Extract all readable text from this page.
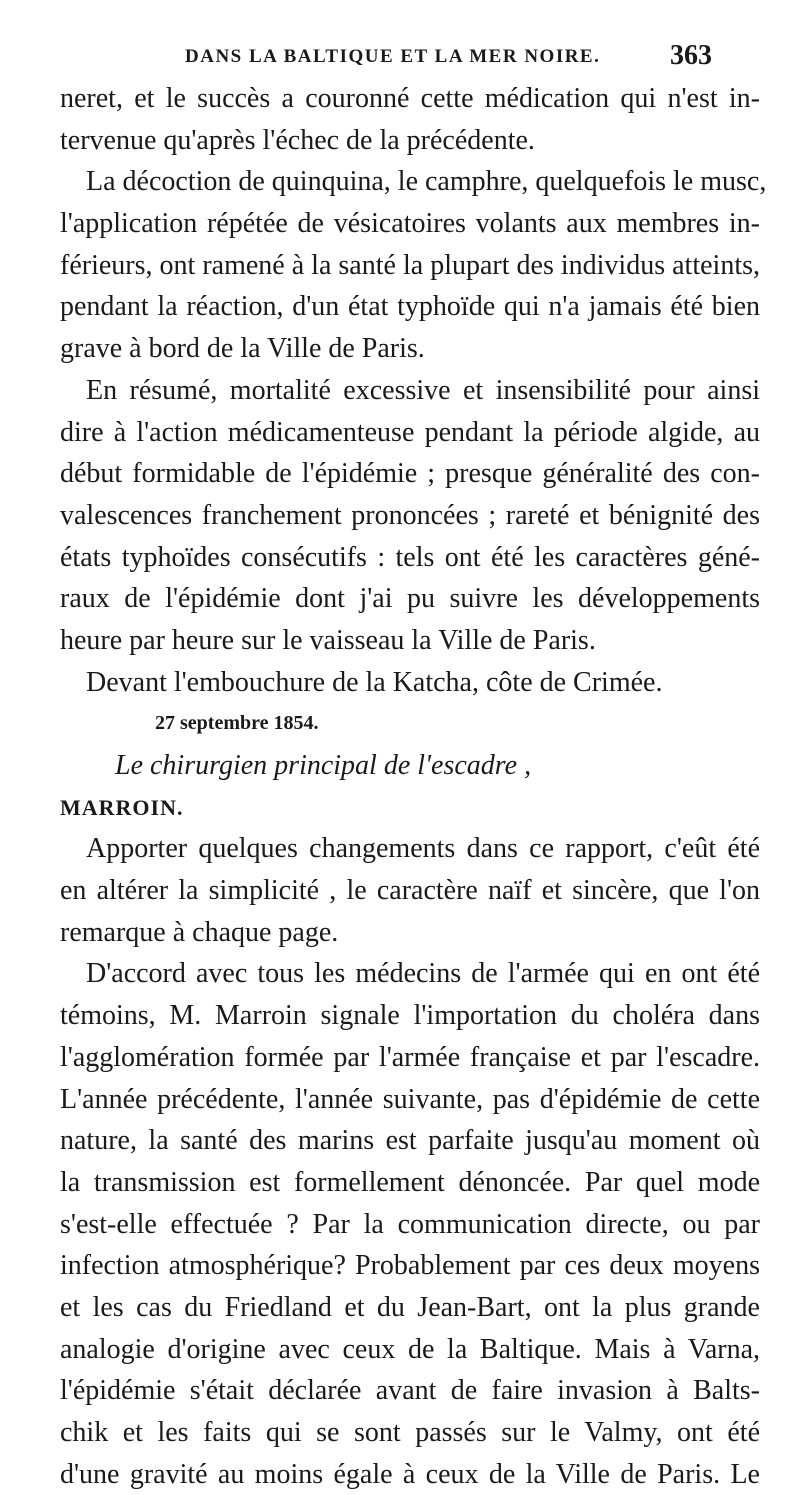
DANS LA BALTIQUE ET LA MER NOIRE. 363
neret, et le succès a couronné cette médication qui n'est in-
tervenue qu'après l'échec de la précédente.
La décoction de quinquina, le camphre, quelquefois le musc,
l'application répétée de vésicatoires volants aux membres in-
férieurs, ont ramené à la santé la plupart des individus atteints,
pendant la réaction, d'un état typhoïde qui n'a jamais été bien
grave à bord de la Ville de Paris.
En résumé, mortalité excessive et insensibilité pour ainsi
dire à l'action médicamenteuse pendant la période algide, au
début formidable de l'épidémie ; presque généralité des con-
valescences franchement prononcées ; rareté et bénignité des
états typhoïdes consécutifs : tels ont été les caractères géné-
raux de l'épidémie dont j'ai pu suivre les développements
heure par heure sur le vaisseau la Ville de Paris.
Devant l'embouchure de la Katcha, côte de Crimée.
27 septembre 1854.
Le chirurgien principal de l'escadre ,
MARROIN.
Apporter quelques changements dans ce rapport, c'eût été
en altérer la simplicité , le caractère naïf et sincère, que l'on
remarque à chaque page.
D'accord avec tous les médecins de l'armée qui en ont été
témoins, M. Marroin signale l'importation du choléra dans
l'agglomération formée par l'armée française et par l'escadre.
L'année précédente, l'année suivante, pas d'épidémie de cette
nature, la santé des marins est parfaite jusqu'au moment où
la transmission est formellement dénoncée. Par quel mode
s'est-elle effectuée ? Par la communication directe, ou par
infection atmosphérique? Probablement par ces deux moyens
et les cas du Friedland et du Jean-Bart, ont la plus grande
analogie d'origine avec ceux de la Baltique. Mais à Varna,
l'épidémie s'était déclarée avant de faire invasion à Balts-
chik et les faits qui se sont passés sur le Valmy, ont été
d'une gravité au moins égale à ceux de la Ville de Paris. Le
